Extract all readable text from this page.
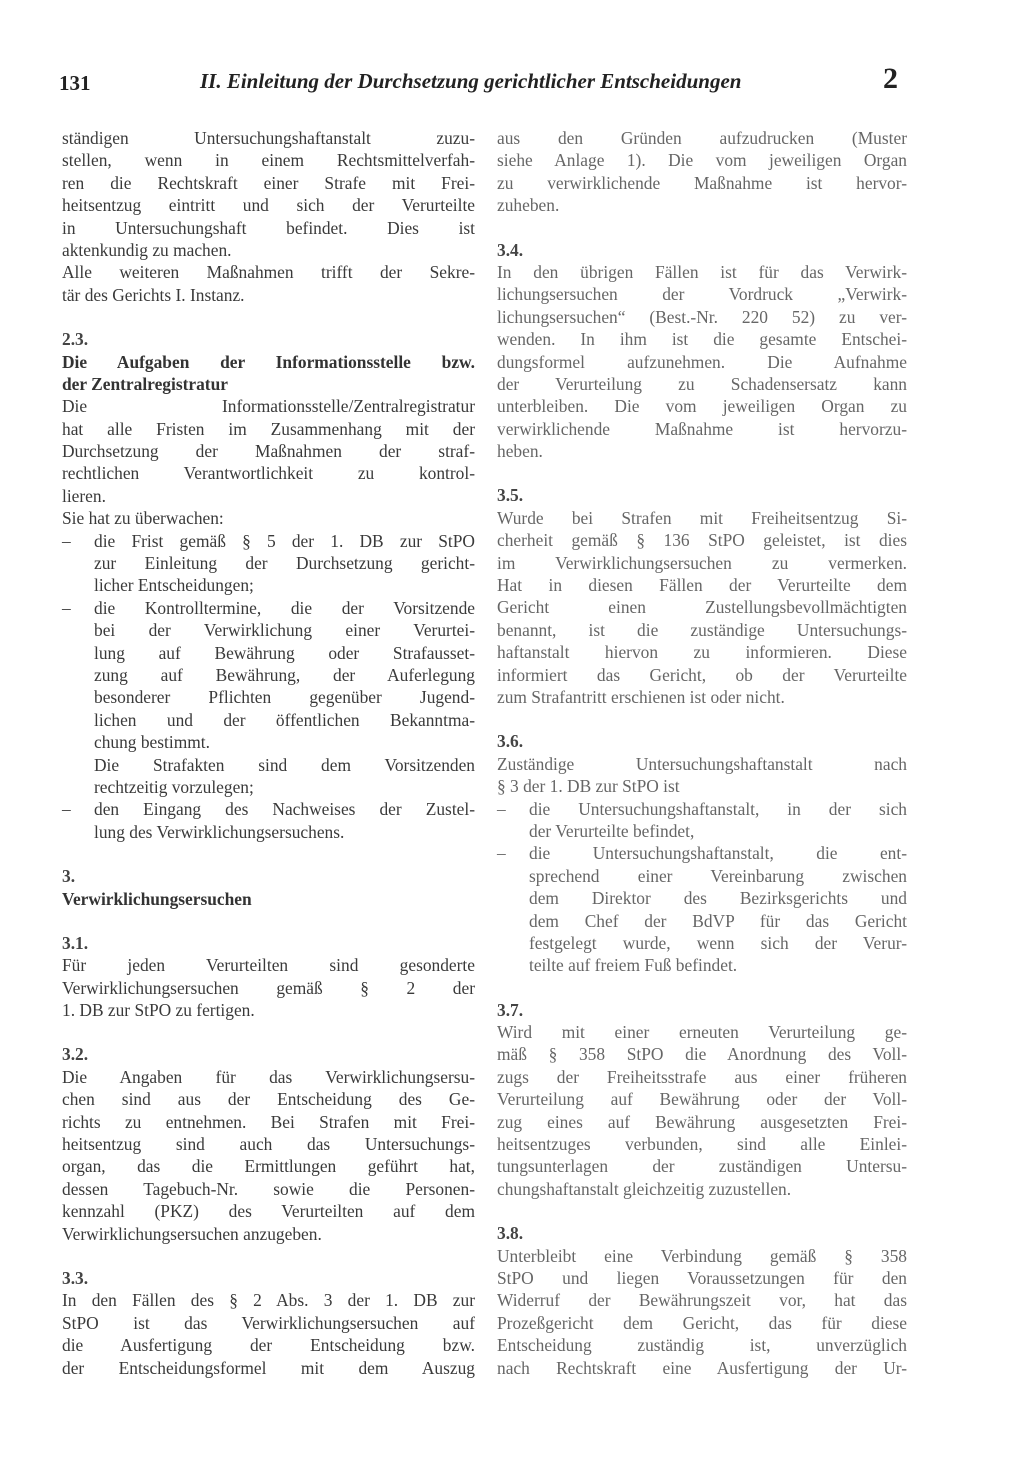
131	II. Einleitung der Durchsetzung gerichtlicher Entscheidungen	2
ständigen Untersuchungshaftanstalt zuzu-
stellen, wenn in einem Rechtsmittelverfah-
ren die Rechtskraft einer Strafe mit Frei-
heitsentzug eintritt und sich der Verurteilte
in Untersuchungshaft befindet. Dies ist
aktenkundig zu machen.
Alle weiteren Maßnahmen trifft der Sekre-
tär des Gerichts I. Instanz.
2.3.
Die Aufgaben der Informationsstelle bzw.
der Zentralregistratur
Die Informationsstelle/Zentralregistratur
hat alle Fristen im Zusammenhang mit der
Durchsetzung der Maßnahmen der straf-
rechtlichen Verantwortlichkeit zu kontrol-
lieren.
Sie hat zu überwachen:
– die Frist gemäß § 5 der 1. DB zur StPO
zur Einleitung der Durchsetzung gericht-
licher Entscheidungen;
– die Kontrolltermine, die der Vorsitzende
bei der Verwirklichung einer Verurtei-
lung auf Bewährung oder Strafausset-
zung auf Bewährung, der Auferlegung
besonderer Pflichten gegenüber Jugend-
lichen und der öffentlichen Bekanntma-
chung bestimmt.
Die Strafakten sind dem Vorsitzenden
rechtzeitig vorzulegen;
– den Eingang des Nachweises der Zustel-
lung des Verwirklichungsersuchens.
3.
Verwirklichungsersuchen
3.1.
Für jeden Verurteilten sind gesonderte
Verwirklichungsersuchen gemäß § 2 der
1. DB zur StPO zu fertigen.
3.2.
Die Angaben für das Verwirklichungsersu-
chen sind aus der Entscheidung des Ge-
richts zu entnehmen. Bei Strafen mit Frei-
heitsentzug sind auch das Untersuchungs-
organ, das die Ermittlungen geführt hat,
dessen Tagebuch-Nr. sowie die Personen-
kennzahl (PKZ) des Verurteilten auf dem
Verwirklichungsersuchen anzugeben.
3.3.
In den Fällen des § 2 Abs. 3 der 1. DB zur
StPO ist das Verwirklichungsersuchen auf
die Ausfertigung der Entscheidung bzw.
der Entscheidungsformel mit dem Auszug
aus den Gründen aufzudrucken (Muster
siehe Anlage 1). Die vom jeweiligen Organ
zu verwirklichende Maßnahme ist hervor-
zuheben.
3.4.
In den übrigen Fällen ist für das Verwirk-
lichungsersuchen der Vordruck „Verwirk-
lichungsersuchen“ (Best.-Nr. 220 52) zu ver-
wenden. In ihm ist die gesamte Entschei-
dungsformel aufzunehmen. Die Aufnahme
der Verurteilung zu Schadensersatz kann
unterbleiben. Die vom jeweiligen Organ zu
verwirklichende Maßnahme ist hervorzu-
heben.
3.5.
Wurde bei Strafen mit Freiheitsentzug Si-
cherheit gemäß § 136 StPO geleistet, ist dies
im Verwirklichungsersuchen zu vermerken.
Hat in diesen Fällen der Verurteilte dem
Gericht einen Zustellungsbevollmächtigten
benannt, ist die zuständige Untersuchungs-
haftanstalt hiervon zu informieren. Diese
informiert das Gericht, ob der Verurteilte
zum Strafantritt erschienen ist oder nicht.
3.6.
Zuständige Untersuchungshaftanstalt nach
§ 3 der 1. DB zur StPO ist
– die Untersuchungshaftanstalt, in der sich
der Verurteilte befindet,
– die Untersuchungshaftanstalt, die ent-
sprechend einer Vereinbarung zwischen
dem Direktor des Bezirksgerichts und
dem Chef der BdVP für das Gericht
festgelegt wurde, wenn sich der Verur-
teilte auf freiem Fuß befindet.
3.7.
Wird mit einer erneuten Verurteilung ge-
mäß § 358 StPO die Anordnung des Voll-
zugs der Freiheitsstrafe aus einer früheren
Verurteilung auf Bewährung oder der Voll-
zug eines auf Bewährung ausgesetzten Frei-
heitsentzuges verbunden, sind alle Einlei-
tungsunterlagen der zuständigen Untersu-
chungshaftanstalt gleichzeitig zuzustellen.
3.8.
Unterbleibt eine Verbindung gemäß § 358
StPO und liegen Voraussetzungen für den
Widerruf der Bewährungszeit vor, hat das
Prozeßgericht dem Gericht, das für diese
Entscheidung zuständig ist, unverzüglich
nach Rechtskraft eine Ausfertigung der Ur-
